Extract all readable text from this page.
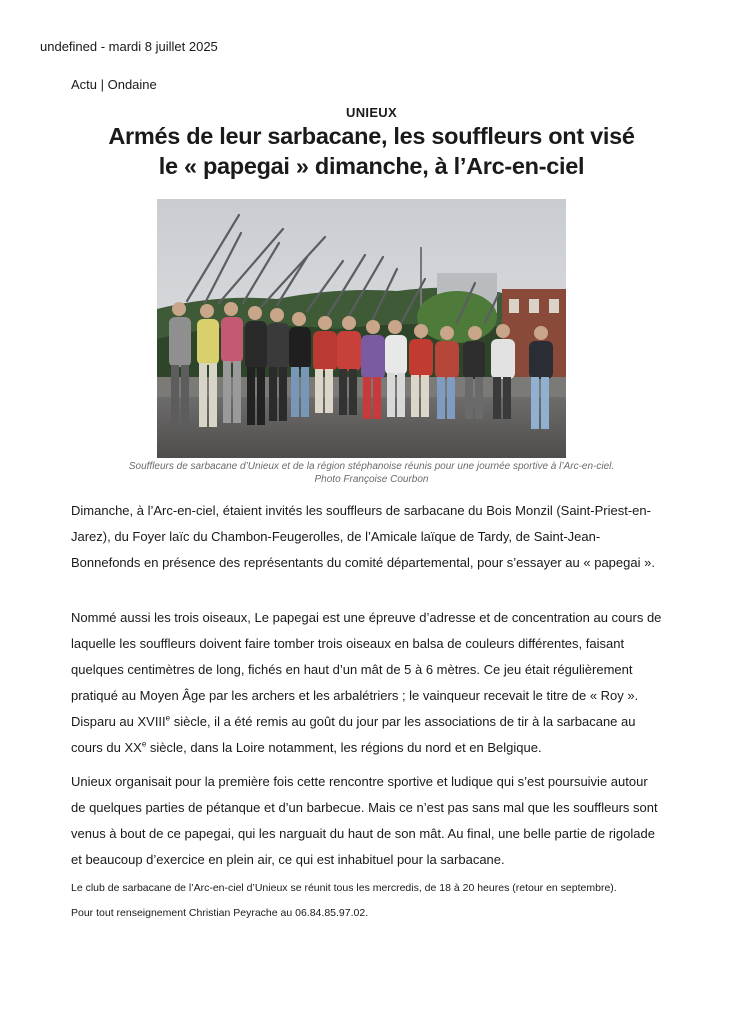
undefined - mardi 8 juillet 2025
Actu | Ondaine
UNIEUX
Armés de leur sarbacane, les souffleurs ont visé
le « papegai » dimanche, à l’Arc-en-ciel
Souffleurs de sarbacane d’Unieux et de la région stéphanoise réunis pour une journée sportive à l’Arc-en-ciel.
Photo Françoise Courbon

Dimanche, à l’Arc-en-ciel, étaient invités les souffleurs de sarbacane du Bois Monzil (Saint-Priest-en-Jarez), du Foyer laïc du Chambon-Feugerolles, de l’Amicale laïque de Tardy, de Saint-Jean-Bonnefonds en présence des représentants du comité départemental, pour s’essayer au « papegai ».

Nommé aussi les trois oiseaux, Le papegai est une épreuve d’adresse et de concentration au cours de laquelle les souffleurs doivent faire tomber trois oiseaux en balsa de couleurs différentes, faisant quelques centimètres de long, fichés en haut d’un mât de 5 à 6 mètres. Ce jeu était régulièrement pratiqué au Moyen Âge par les archers et les arbalétriers ; le vainqueur recevait le titre de « Roy ». Disparu au XVIIIe siècle, il a été remis au goût du jour par les associations de tir à la sarbacane au cours du XXe siècle, dans la Loire notamment, les régions du nord et en Belgique.

Unieux organisait pour la première fois cette rencontre sportive et ludique qui s’est poursuivie autour de quelques parties de pétanque et d’un barbecue. Mais ce n’est pas sans mal que les souffleurs sont venus à bout de ce papegai, qui les narguait du haut de son mât. Au final, une belle partie de rigolade et beaucoup d’exercice en plein air, ce qui est inhabituel pour la sarbacane.

Le club de sarbacane de l’Arc-en-ciel d’Unieux se réunit tous les mercredis, de 18 à 20 heures (retour en septembre).
Pour tout renseignement Christian Peyrache au 06.84.85.97.02.
